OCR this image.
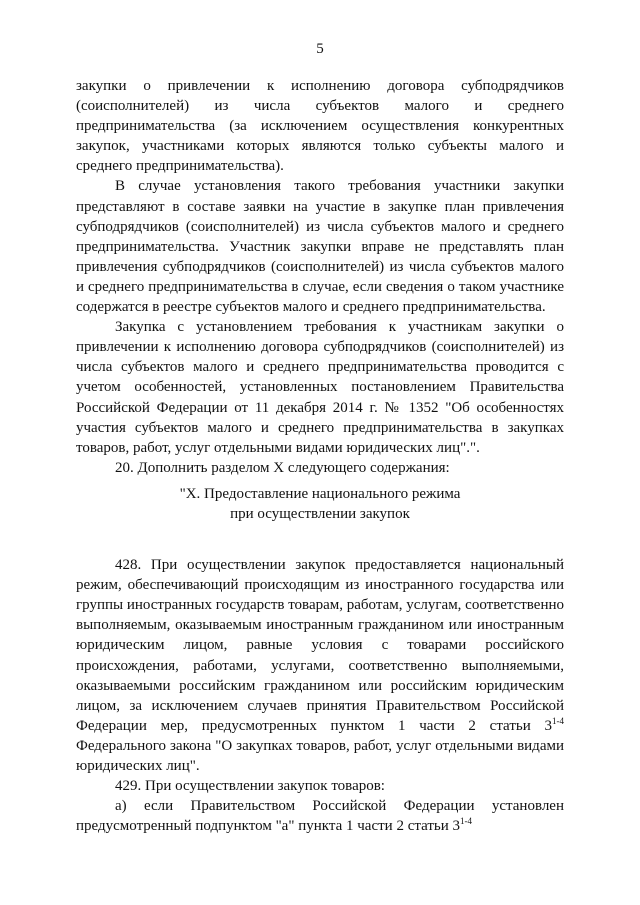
5

закупки о привлечении к исполнению договора субподрядчиков (соисполнителей) из числа субъектов малого и среднего предпринимательства (за исключением осуществления конкурентных закупок, участниками которых являются только субъекты малого и среднего предпринимательства).

В случае установления такого требования участники закупки представляют в составе заявки на участие в закупке план привлечения субподрядчиков (соисполнителей) из числа субъектов малого и среднего предпринимательства. Участник закупки вправе не представлять план привлечения субподрядчиков (соисполнителей) из числа субъектов малого и среднего предпринимательства в случае, если сведения о таком участнике содержатся в реестре субъектов малого и среднего предпринимательства.

Закупка с установлением требования к участникам закупки о привлечении к исполнению договора субподрядчиков (соисполнителей) из числа субъектов малого и среднего предпринимательства проводится с учетом особенностей, установленных постановлением Правительства Российской Федерации от 11 декабря 2014 г. № 1352 "Об особенностях участия субъектов малого и среднего предпринимательства в закупках товаров, работ, услуг отдельными видами юридических лиц".".

20. Дополнить разделом X следующего содержания:

"X. Предоставление национального режима

при осуществлении закупок

428. При осуществлении закупок предоставляется национальный режим, обеспечивающий происходящим из иностранного государства или группы иностранных государств товарам, работам, услугам, соответственно выполняемым, оказываемым иностранным гражданином или иностранным юридическим лицом, равные условия с товарами российского происхождения, работами, услугами, соответственно выполняемыми, оказываемыми российским гражданином или российским юридическим лицом, за исключением случаев принятия Правительством Российской Федерации мер, предусмотренных пунктом 1 части 2 статьи 3$^{1-4}$ Федерального закона "О закупках товаров, работ, услуг отдельными видами юридических лиц".

429. При осуществлении закупок товаров:

а) если Правительством Российской Федерации установлен предусмотренный подпунктом "а" пункта 1 части 2 статьи 3$^{1-4}$
